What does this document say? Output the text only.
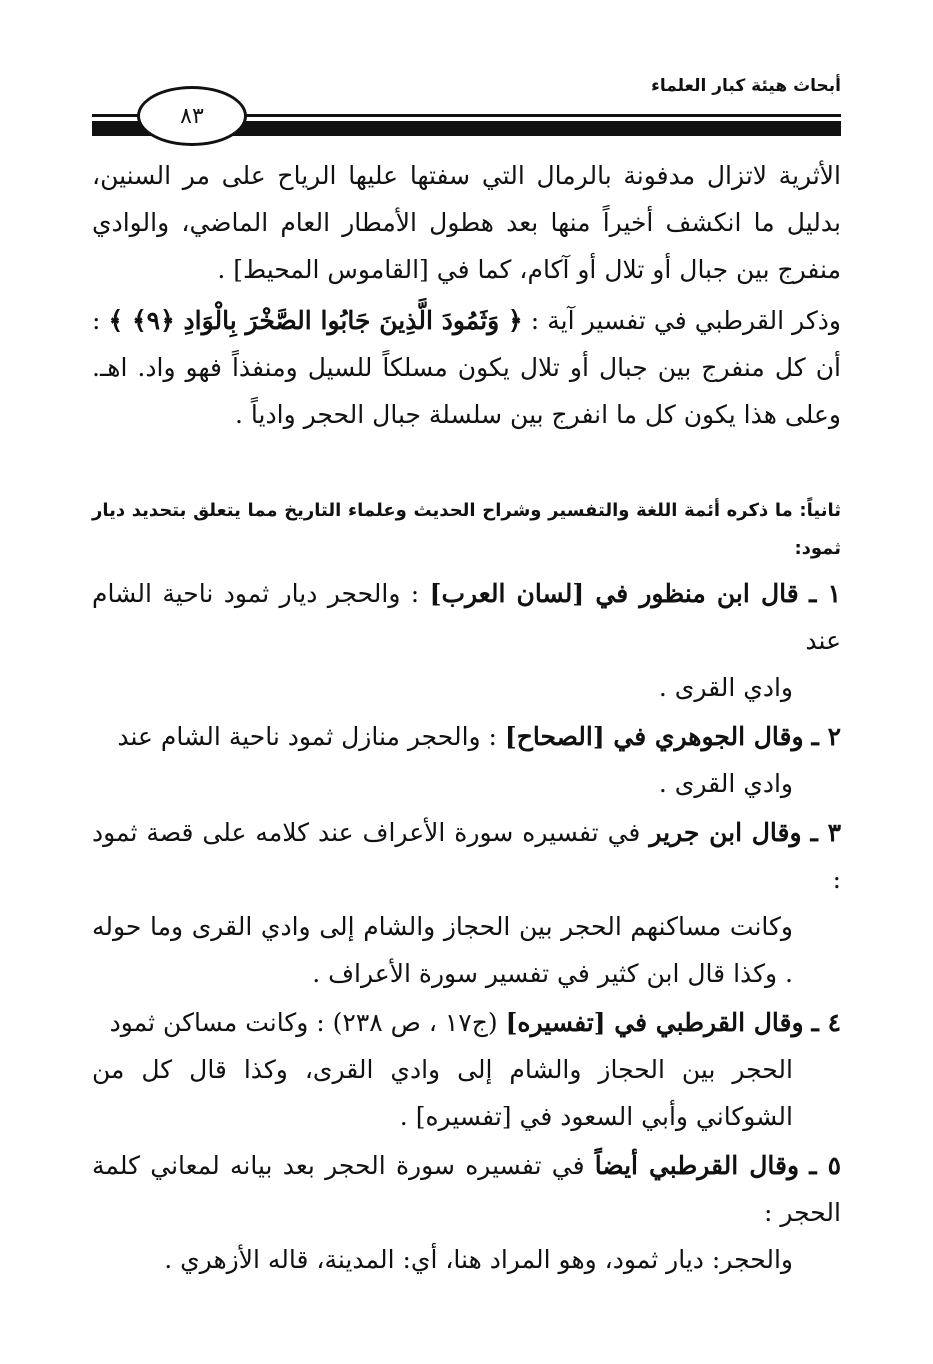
أبحاث هيئة كبار العلماء
٨٣

الأثرية لاتزال مدفونة بالرمال التي سفتها عليها الرياح على مر السنين، بدليل ما انكشف أخيراً منها بعد هطول الأمطار العام الماضي، والوادي منفرج بين جبال أو تلال أو آكام، كما في [القاموس المحيط] .

وذكر القرطبي في تفسير آية : ﴿ وَثَمُودَ الَّذِينَ جَابُوا الصَّخْرَ بِالْوَادِ ﴿٩﴾ ﴾ : أن كل منفرج بين جبال أو تلال يكون مسلكاً للسيل ومنفذاً فهو واد. اهـ. وعلى هذا يكون كل ما انفرج بين سلسلة جبال الحجر وادياً .

ثانياً: ما ذكره أئمة اللغة والتفسير وشراح الحديث وعلماء التاريخ مما يتعلق بتحديد ديار ثمود:

١ ـ قال ابن منظور في [لسان العرب] : والحجر ديار ثمود ناحية الشام عند

وادي القرى .

٢ ـ وقال الجوهري في [الصحاح] : والحجر منازل ثمود ناحية الشام عند

وادي القرى .

٣ ـ وقال ابن جرير في تفسيره سورة الأعراف عند كلامه على قصة ثمود :

وكانت مساكنهم الحجر بين الحجاز والشام إلى وادي القرى وما حوله . وكذا قال ابن كثير في تفسير سورة الأعراف .

٤ ـ وقال القرطبي في [تفسيره] (ج١٧ ، ص ٢٣٨) : وكانت مساكن ثمود

الحجر بين الحجاز والشام إلى وادي القرى، وكذا قال كل من الشوكاني وأبي السعود في [تفسيره] .

٥ ـ وقال القرطبي أيضاً في تفسيره سورة الحجر بعد بيانه لمعاني كلمة الحجر :

والحجر: ديار ثمود، وهو المراد هنا، أي: المدينة، قاله الأزهري .
